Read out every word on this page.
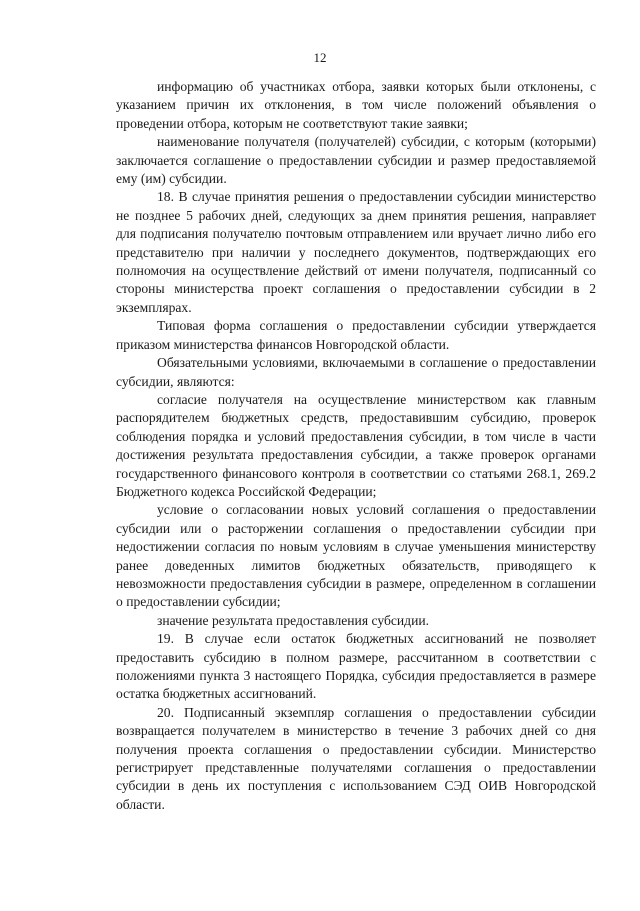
12

информацию об участниках отбора, заявки которых были отклонены, с указанием причин их отклонения, в том числе положений объявления о проведении отбора, которым не соответствуют такие заявки;

наименование получателя (получателей) субсидии, с которым (которыми) заключается соглашение о предоставлении субсидии и размер предоставляемой ему (им) субсидии.

18. В случае принятия решения о предоставлении субсидии министерство не позднее 5 рабочих дней, следующих за днем принятия решения, направляет для подписания получателю почтовым отправлением или вручает лично либо его представителю при наличии у последнего документов, подтверждающих его полномочия на осуществление действий от имени получателя, подписанный со стороны министерства проект соглашения о предоставлении субсидии в 2 экземплярах.

Типовая форма соглашения о предоставлении субсидии утверждается приказом министерства финансов Новгородской области.

Обязательными условиями, включаемыми в соглашение о предоставлении субсидии, являются:

согласие получателя на осуществление министерством как главным распорядителем бюджетных средств, предоставившим субсидию, проверок соблюдения порядка и условий предоставления субсидии, в том числе в части достижения результата предоставления субсидии, а также проверок органами государственного финансового контроля в соответствии со статьями 268.1, 269.2 Бюджетного кодекса Российской Федерации;

условие о согласовании новых условий соглашения о предоставлении субсидии или о расторжении соглашения о предоставлении субсидии при недостижении согласия по новым условиям в случае уменьшения министерству ранее доведенных лимитов бюджетных обязательств, приводящего к невозможности предоставления субсидии в размере, определенном в соглашении о предоставлении субсидии;

значение результата предоставления субсидии.

19. В случае если остаток бюджетных ассигнований не позволяет предоставить субсидию в полном размере, рассчитанном в соответствии с положениями пункта 3 настоящего Порядка, субсидия предоставляется в размере остатка бюджетных ассигнований.

20. Подписанный экземпляр соглашения о предоставлении субсидии возвращается получателем в министерство в течение 3 рабочих дней со дня получения проекта соглашения о предоставлении субсидии. Министерство регистрирует представленные получателями соглашения о предоставлении субсидии в день их поступления с использованием СЭД ОИВ Новгородской области.
